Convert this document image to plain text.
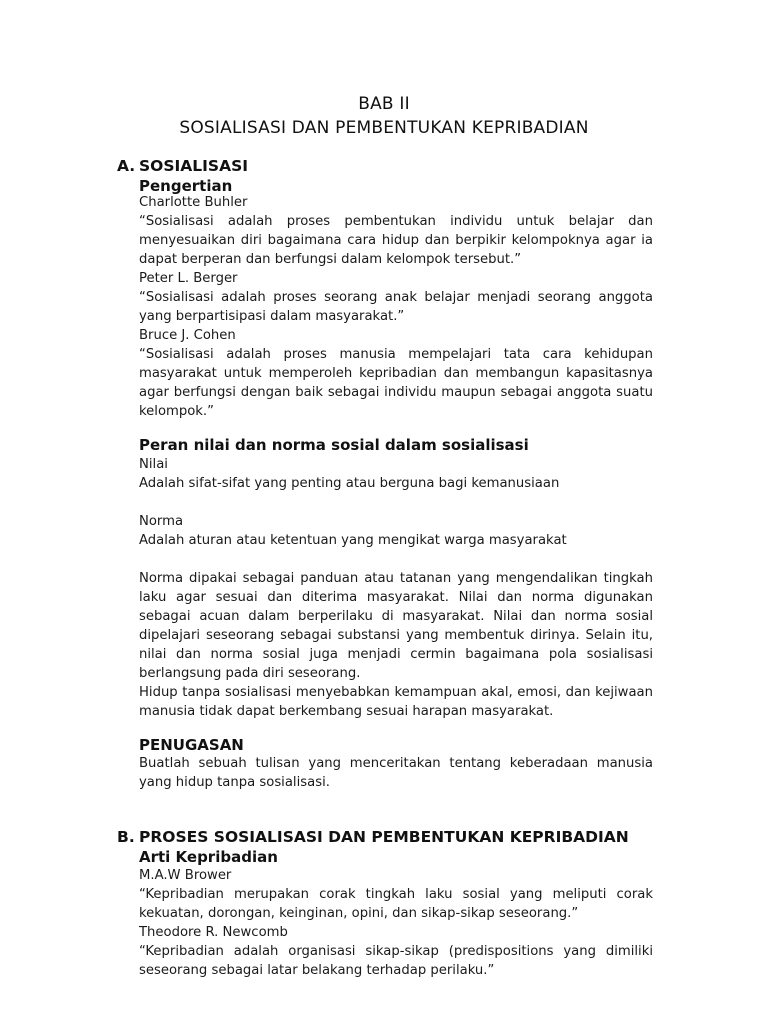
BAB II
SOSIALISASI DAN PEMBENTUKAN KEPRIBADIAN
A. SOSIALISASI
Pengertian

Charlotte Buhler

“Sosialisasi adalah proses pembentukan individu untuk belajar dan menyesuaikan diri bagaimana cara hidup dan berpikir kelompoknya agar ia dapat berperan dan berfungsi dalam kelompok tersebut.”

Peter L. Berger

“Sosialisasi adalah proses seorang anak belajar menjadi seorang anggota yang berpartisipasi dalam masyarakat.”

Bruce J. Cohen

“Sosialisasi adalah proses manusia mempelajari tata cara kehidupan masyarakat untuk memperoleh kepribadian dan membangun kapasitasnya agar berfungsi dengan baik sebagai individu maupun sebagai anggota suatu kelompok.”

Peran nilai dan norma sosial dalam sosialisasi

Nilai

Adalah sifat-sifat yang penting atau berguna bagi kemanusiaan

Norma

Adalah aturan atau ketentuan yang mengikat warga masyarakat

Norma dipakai sebagai panduan atau tatanan yang mengendalikan tingkah laku agar sesuai dan diterima masyarakat. Nilai dan norma digunakan sebagai acuan dalam berperilaku di masyarakat. Nilai dan norma sosial dipelajari seseorang sebagai substansi yang membentuk dirinya. Selain itu, nilai dan norma sosial juga menjadi cermin bagaimana pola sosialisasi berlangsung pada diri seseorang.

Hidup tanpa sosialisasi menyebabkan kemampuan akal, emosi, dan kejiwaan manusia tidak dapat berkembang sesuai harapan masyarakat.

PENUGASAN

Buatlah sebuah tulisan yang menceritakan tentang keberadaan manusia yang hidup tanpa sosialisasi.

B. PROSES SOSIALISASI DAN PEMBENTUKAN KEPRIBADIAN
Arti Kepribadian

M.A.W Brower

“Kepribadian merupakan corak tingkah laku sosial yang meliputi corak kekuatan, dorongan, keinginan, opini, dan sikap-sikap seseorang.”

Theodore R. Newcomb

“Kepribadian adalah organisasi sikap-sikap (predispositions yang dimiliki seseorang sebagai latar belakang terhadap perilaku.”
